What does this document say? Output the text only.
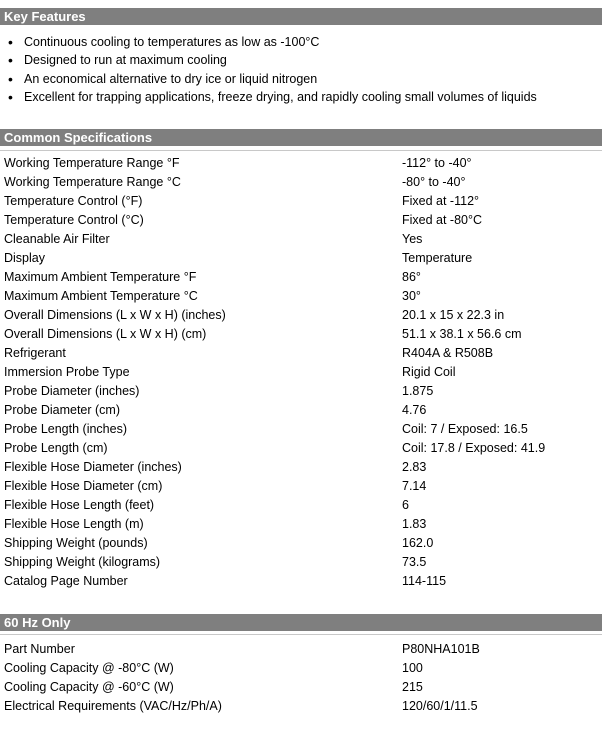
Key Features
• Continuous cooling to temperatures as low as -100°C
• Designed to run at maximum cooling
• An economical alternative to dry ice or liquid nitrogen
• Excellent for trapping applications, freeze drying, and rapidly cooling small volumes of liquids
Common Specifications
Working Temperature Range °F	-112° to -40°
Working Temperature Range °C	-80° to -40°
Temperature Control (°F)	Fixed at -112°
Temperature Control (°C)	Fixed at -80°C
Cleanable Air Filter	Yes
Display	Temperature
Maximum Ambient Temperature °F	86°
Maximum Ambient Temperature °C	30°
Overall Dimensions (L x W x H) (inches)	20.1 x 15 x 22.3 in
Overall Dimensions (L x W x H) (cm)	51.1 x 38.1 x 56.6 cm
Refrigerant	R404A & R508B
Immersion Probe Type	Rigid Coil
Probe Diameter (inches)	1.875
Probe Diameter (cm)	4.76
Probe Length (inches)	Coil: 7 / Exposed: 16.5
Probe Length (cm)	Coil: 17.8 / Exposed: 41.9
Flexible Hose Diameter (inches)	2.83
Flexible Hose Diameter (cm)	7.14
Flexible Hose Length (feet)	6
Flexible Hose Length (m)	1.83
Shipping Weight (pounds)	162.0
Shipping Weight (kilograms)	73.5
Catalog Page Number	114-115
60 Hz Only
Part Number	P80NHA101B
Cooling Capacity @ -80°C (W)	100
Cooling Capacity @ -60°C (W)	215
Electrical Requirements (VAC/Hz/Ph/A)	120/60/1/11.5
